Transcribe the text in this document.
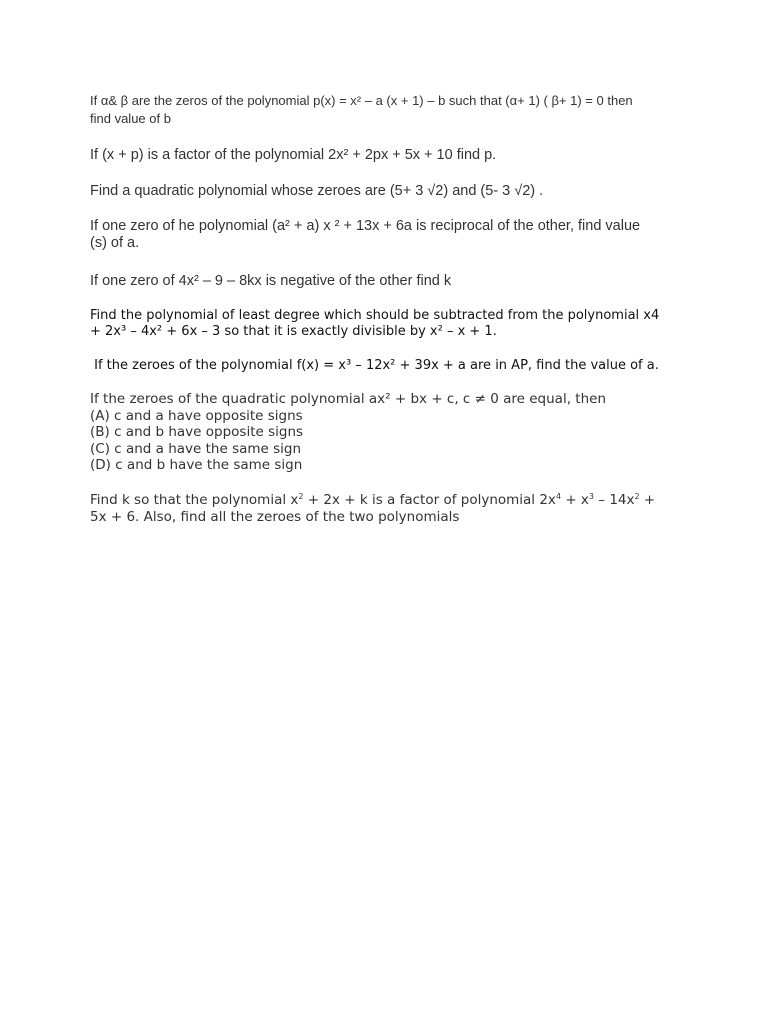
If α& β are the zeros of the polynomial p(x) = x² – a (x + 1) – b such that (α+ 1) ( β+ 1) = 0 then
find value of b

If (x + p) is a factor of the polynomial 2x² + 2px + 5x + 10 find p.

Find a quadratic polynomial whose zeroes are (5+ 3 √2) and (5- 3 √2) .

If one zero of he polynomial (a² + a) x ² + 13x + 6a is reciprocal of the other, find value
(s) of a.

If one zero of 4x² – 9 – 8kx is negative of the other find k

Find the polynomial of least degree which should be subtracted from the polynomial x4
+ 2x³ – 4x² + 6x – 3 so that it is exactly divisible by x² – x + 1.

If the zeroes of the polynomial f(x) = x³ – 12x² + 39x + a are in AP, find the value of a.

If the zeroes of the quadratic polynomial ax² + bx + c, c ≠ 0 are equal, then
(A) c and a have opposite signs
(B) c and b have opposite signs
(C) c and a have the same sign
(D) c and b have the same sign
Find k so that the polynomial $x^2 + 2x + k$ is a factor of polynomial $2x^4 + x^3 - 14x^2$ +
5x + 6. Also, find all the zeroes of the two polynomials
